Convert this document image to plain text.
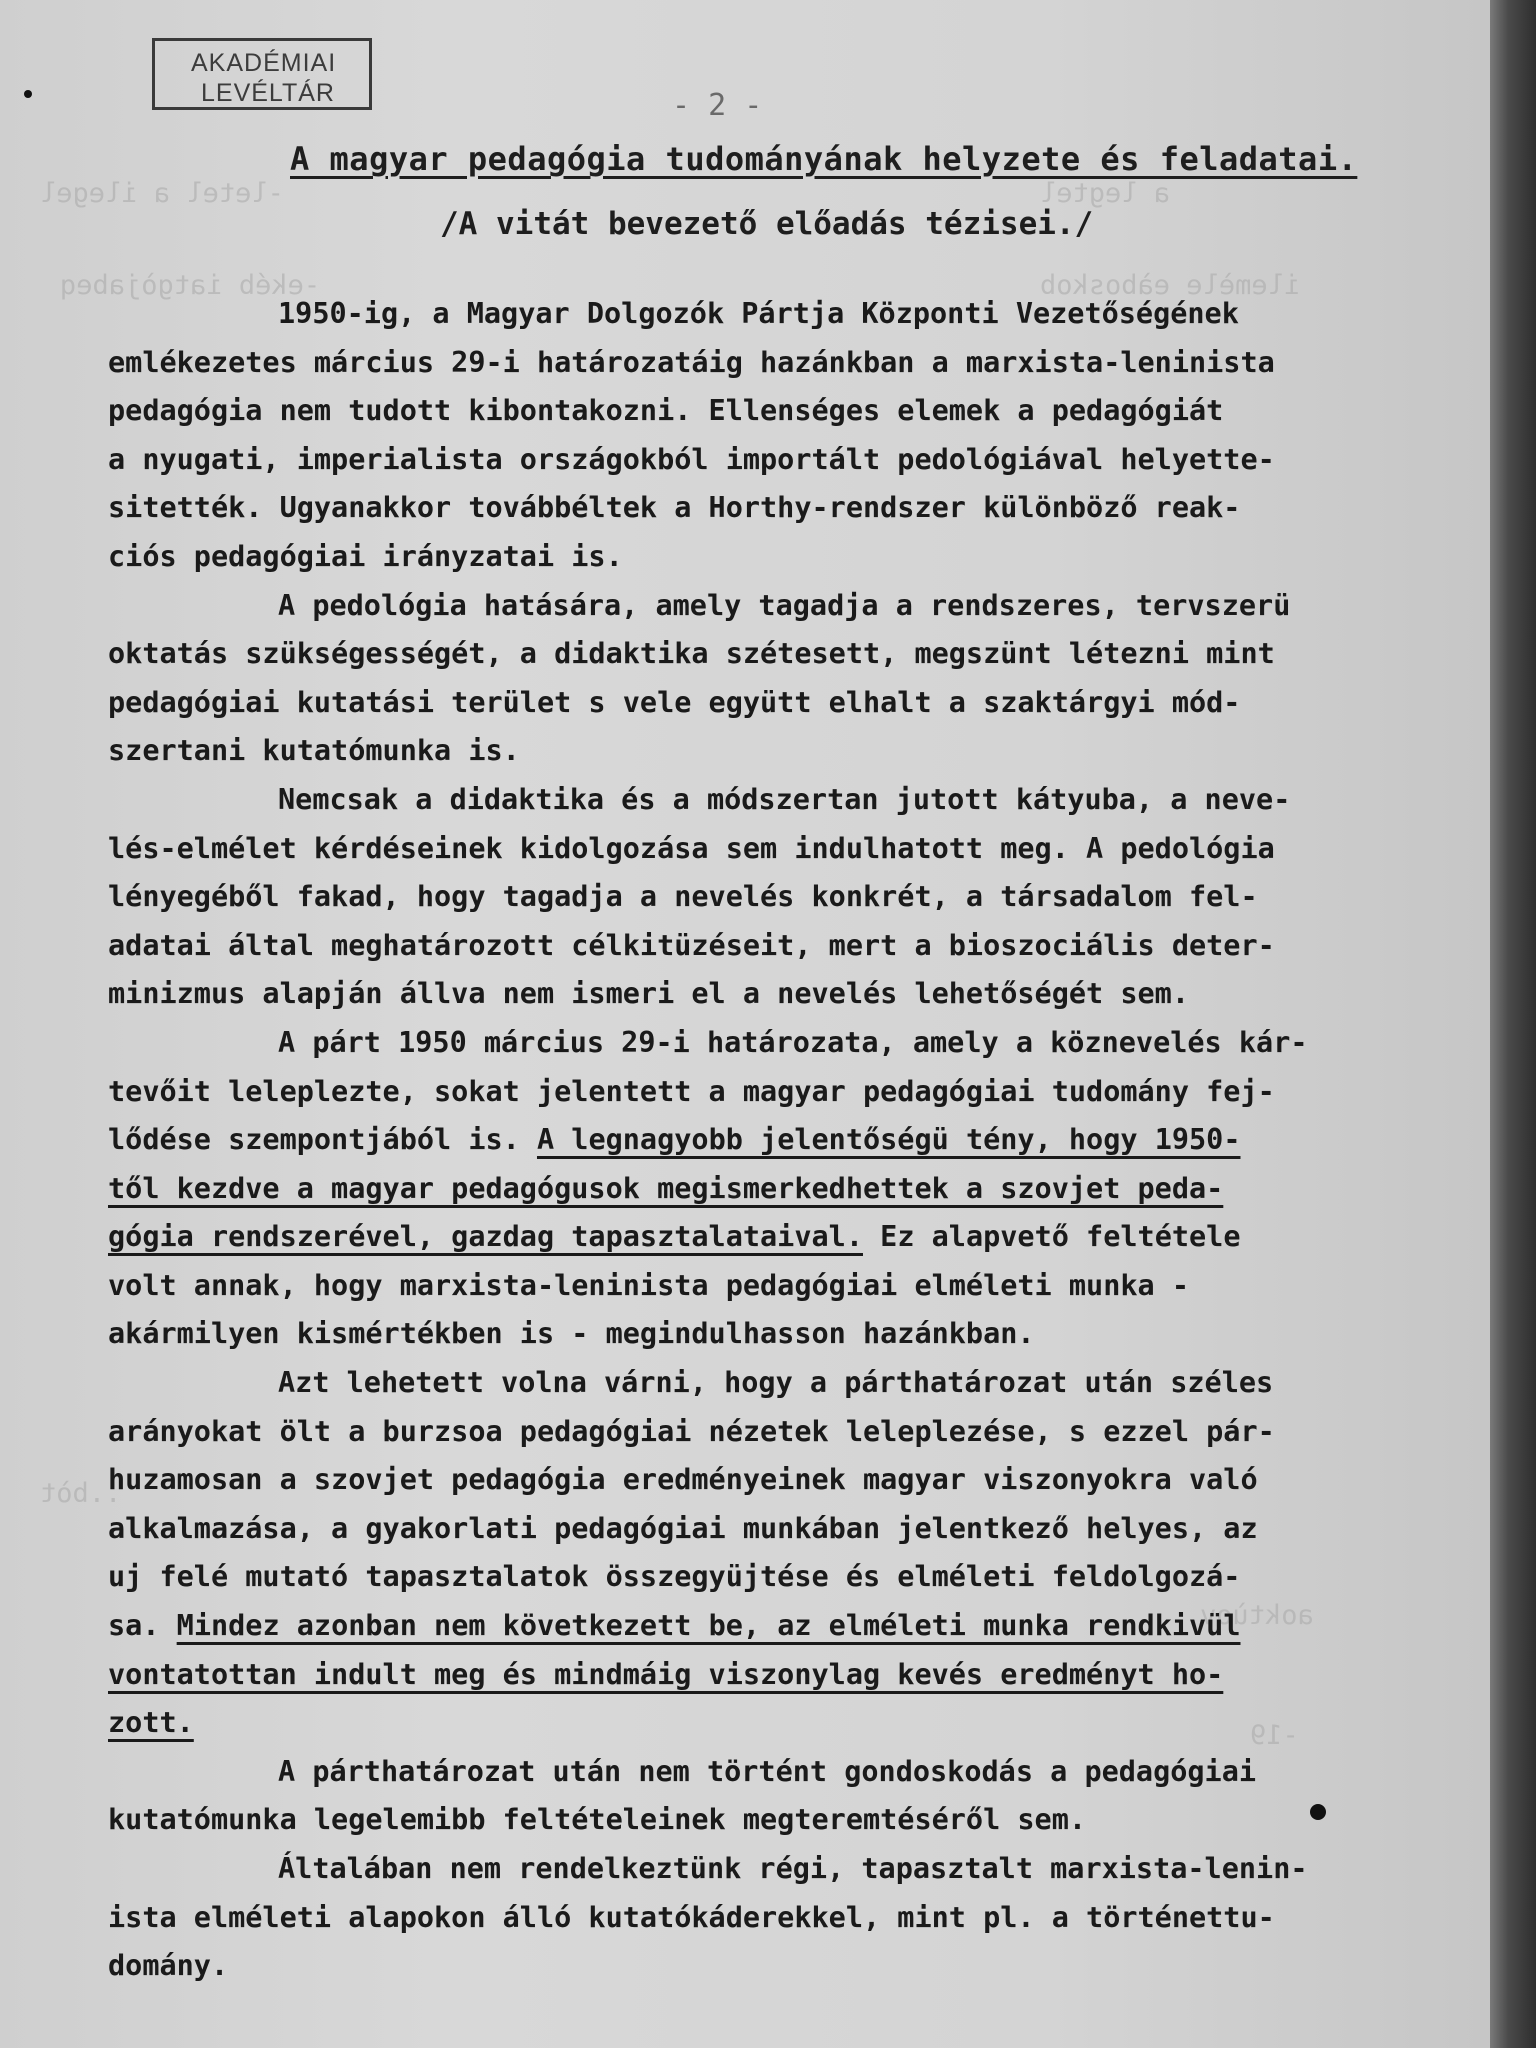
-letel a ilegel	a legtel
-ekéb iatgòjabeq	ilemèle eàboskob
..bòt
aoktùov
-19
AKADÉMIAI
LEVÉLTÁR	- 2 -
A magyar pedagógia tudományának helyzete és feladatai.
/A vitát bevezető előadás tézisei./
1950-ig, a Magyar Dolgozók Pártja Központi Vezetőségének
emlékezetes március 29-i határozatáig hazánkban a marxista-leninista
pedagógia nem tudott kibontakozni. Ellenséges elemek a pedagógiát
a nyugati, imperialista országokból importált pedológiával helyette-
sitették. Ugyanakkor továbbéltek a Horthy-rendszer különböző reak-
ciós pedagógiai irányzatai is.
A pedológia hatására, amely tagadja a rendszeres, tervszerü
oktatás szükségességét, a didaktika szétesett, megszünt létezni mint
pedagógiai kutatási terület s vele együtt elhalt a szaktárgyi mód-
szertani kutatómunka is.
Nemcsak a didaktika és a módszertan jutott kátyuba, a neve-
lés-elmélet kérdéseinek kidolgozása sem indulhatott meg. A pedológia
lényegéből fakad, hogy tagadja a nevelés konkrét, a társadalom fel-
adatai által meghatározott célkitüzéseit, mert a bioszociális deter-
minizmus alapján állva nem ismeri el a nevelés lehetőségét sem.
A párt 1950 március 29-i határozata, amely a köznevelés kár-
tevőit leleplezte, sokat jelentett a magyar pedagógiai tudomány fej-
lődése szempontjából is. A legnagyobb jelentőségü tény, hogy 1950-
től kezdve a magyar pedagógusok megismerkedhettek a szovjet peda-
gógia rendszerével, gazdag tapasztalataival. Ez alapvető feltétele
volt annak, hogy marxista-leninista pedagógiai elméleti munka -
akármilyen kismértékben is - megindulhasson hazánkban.
Azt lehetett volna várni, hogy a párthatározat után széles
arányokat ölt a burzsoa pedagógiai nézetek leleplezése, s ezzel pár-
huzamosan a szovjet pedagógia eredményeinek magyar viszonyokra való
alkalmazása, a gyakorlati pedagógiai munkában jelentkező helyes, az
uj felé mutató tapasztalatok összegyüjtése és elméleti feldolgozá-
sa. Mindez azonban nem következett be, az elméleti munka rendkivül
vontatottan indult meg és mindmáig viszonylag kevés eredményt ho-
zott.
A párthatározat után nem történt gondoskodás a pedagógiai
kutatómunka legelemibb feltételeinek megteremtéséről sem.
Általában nem rendelkeztünk régi, tapasztalt marxista-lenin-
ista elméleti alapokon álló kutatókáderekkel, mint pl. a történettu-
domány.
